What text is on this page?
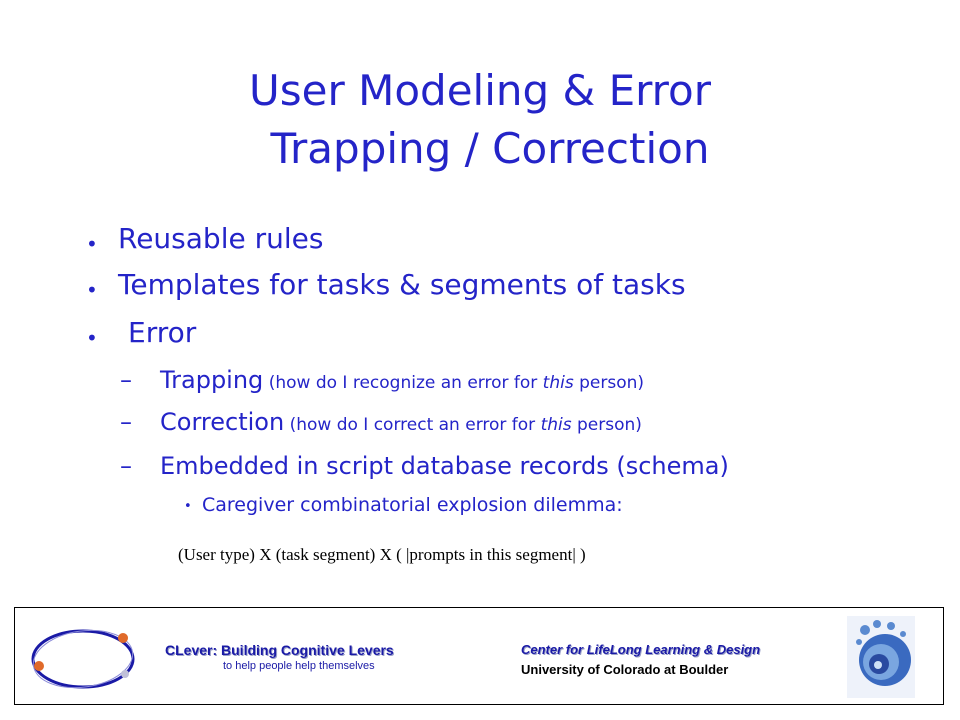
User Modeling & Error
Trapping / Correction
• Reusable rules
• Templates for tasks & segments of tasks
• Error
– Trapping (how do I recognize an error for this person)
– Correction (how do I correct an error for this person)
– Embedded in script database records (schema)
• Caregiver combinatorial explosion dilemma:
(User type) X (task segment) X ( |prompts in this segment| )
CLever: Building Cognitive Levers
to help people help themselves
Center for LifeLong Learning & Design
University of Colorado at Boulder
